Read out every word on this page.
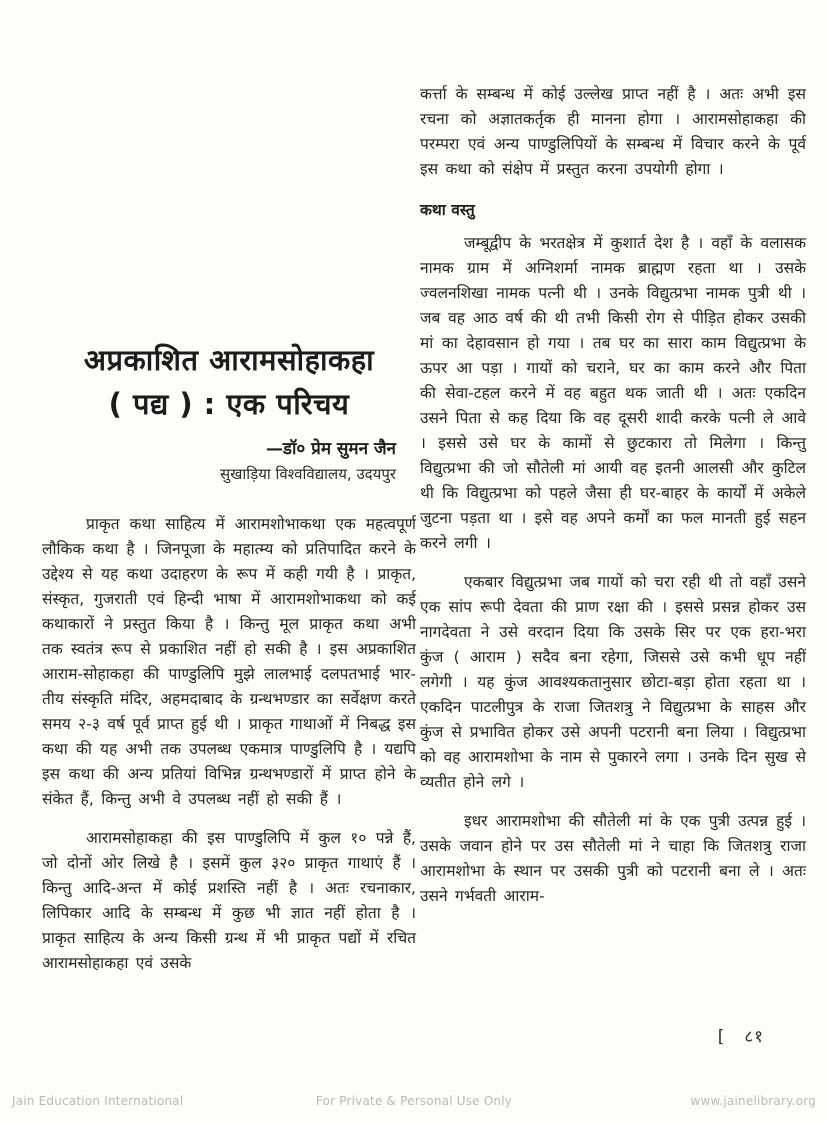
अप्रकाशित आरामसोहाकहा
( पद्य ) : एक परिचय
—डॉ० प्रेम सुमन जैन
सुखाड़िया विश्वविद्यालय, उदयपुर

प्राकृत कथा साहित्य में आरामशोभाकथा एक महत्वपूर्ण लौकिक कथा है । जिनपूजा के महात्म्य को प्रतिपादित करने के उद्देश्य से यह कथा उदाहरण के रूप में कही गयी है । प्राकृत, संस्कृत, गुजराती एवं हिन्दी भाषा में आरामशोभाकथा को कई कथाकारों ने प्रस्तुत किया है । किन्तु मूल प्राकृत कथा अभी तक स्वतंत्र रूप से प्रकाशित नहीं हो सकी है । इस अप्रकाशित आराम-सोहाकहा की पाण्डुलिपि मुझे लालभाई दलपतभाई भार-तीय संस्कृति मंदिर, अहमदाबाद के ग्रन्थभण्डार का सर्वेक्षण करते समय २-३ वर्ष पूर्व प्राप्त हुई थी । प्राकृत गाथाओं में निबद्ध इस कथा की यह अभी तक उपलब्ध एकमात्र पाण्डुलिपि है । यद्यपि इस कथा की अन्य प्रतियां विभिन्न ग्रन्थभण्डारों में प्राप्त होने के संकेत हैं, किन्तु अभी वे उपलब्ध नहीं हो सकी हैं ।

आरामसोहाकहा की इस पाण्डुलिपि में कुल १० पन्ने हैं, जो दोनों ओर लिखे है । इसमें कुल ३२० प्राकृत गाथाएं हैं । किन्तु आदि-अन्त में कोई प्रशस्ति नहीं है । अतः रचनाकार, लिपिकार आदि के सम्बन्ध में कुछ भी ज्ञात नहीं होता है । प्राकृत साहित्य के अन्य किसी ग्रन्थ में भी प्राकृत पद्यों में रचित आरामसोहाकहा एवं उसके

कर्त्ता के सम्बन्ध में कोई उल्लेख प्राप्त नहीं है । अतः अभी इस रचना को अज्ञातकर्तृक ही मानना होगा । आरामसोहाकहा की परम्परा एवं अन्य पाण्डुलिपियों के सम्बन्ध में विचार करने के पूर्व इस कथा को संक्षेप में प्रस्तुत करना उपयोगी होगा ।

कथा वस्तु

जम्बूद्वीप के भरतक्षेत्र में कुशार्त देश है । वहाँ के वलासक नामक ग्राम में अग्निशर्मा नामक ब्राह्मण रहता था । उसके ज्वलनशिखा नामक पत्नी थी । उनके विद्युत्प्रभा नामक पुत्री थी । जब वह आठ वर्ष की थी तभी किसी रोग से पीड़ित होकर उसकी मां का देहावसान हो गया । तब घर का सारा काम विद्युत्प्रभा के ऊपर आ पड़ा । गायों को चराने, घर का काम करने और पिता की सेवा-टहल करने में वह बहुत थक जाती थी । अतः एकदिन उसने पिता से कह दिया कि वह दूसरी शादी करके पत्नी ले आवे । इससे उसे घर के कामों से छुटकारा तो मिलेगा । किन्तु विद्युत्प्रभा की जो सौतेली मां आयी वह इतनी आलसी और कुटिल थी कि विद्युत्प्रभा को पहले जैसा ही घर-बाहर के कार्यों में अकेले जुटना पड़ता था । इसे वह अपने कर्मों का फल मानती हुई सहन करने लगी ।

एकबार विद्युत्प्रभा जब गायों को चरा रही थी तो वहाँ उसने एक सांप रूपी देवता की प्राण रक्षा की । इससे प्रसन्न होकर उस नागदेवता ने उसे वरदान दिया कि उसके सिर पर एक हरा-भरा कुंज ( आराम ) सदैव बना रहेगा, जिससे उसे कभी धूप नहीं लगेगी । यह कुंज आवश्यकतानुसार छोटा-बड़ा होता रहता था । एकदिन पाटलीपुत्र के राजा जितशत्रु ने विद्युत्प्रभा के साहस और कुंज से प्रभावित होकर उसे अपनी पटरानी बना लिया । विद्युत्प्रभा को वह आरामशोभा के नाम से पुकारने लगा । उनके दिन सुख से व्यतीत होने लगे ।

इधर आरामशोभा की सौतेली मां के एक पुत्री उत्पन्न हुई । उसके जवान होने पर उस सौतेली मां ने चाहा कि जितशत्रु राजा आरामशोभा के स्थान पर उसकी पुत्री को पटरानी बना ले । अतः उसने गर्भवती आराम-

[  ८१
Jain Education International	For Private & Personal Use Only	www.jainelibrary.org
